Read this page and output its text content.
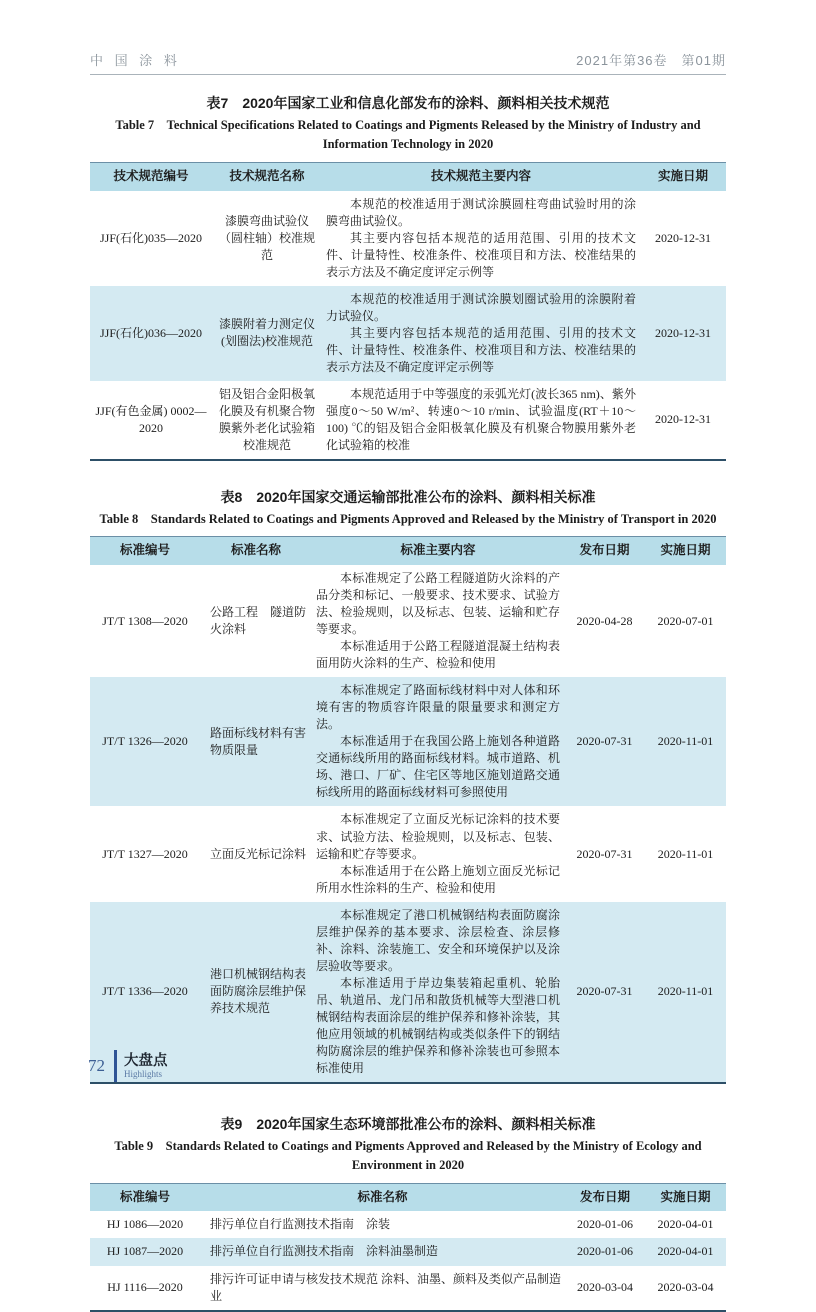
中 国 涂 料	2021年第36卷　第01期
表7　2020年国家工业和信息化部发布的涂料、颜料相关技术规范
Table 7　Technical Specifications Related to Coatings and Pigments Released by the Ministry of Industry and Information Technology in 2020
技术规范编号	技术规范名称	技术规范主要内容	实施日期
JJF(石化)035—2020	漆膜弯曲试验仪（圆柱轴）校准规范	本规范的校准适用于测试涂膜圆柱弯曲试验时用的涂膜弯曲试验仪。

其主要内容包括本规范的适用范围、引用的技术文件、计量特性、校准条件、校准项目和方法、校准结果的表示方法及不确定度评定示例等	2020-12-31
JJF(石化)036—2020	漆膜附着力测定仪(划圈法)校准规范	本规范的校准适用于测试涂膜划圈试验用的涂膜附着力试验仪。

其主要内容包括本规范的适用范围、引用的技术文件、计量特性、校准条件、校准项目和方法、校准结果的表示方法及不确定度评定示例等	2020-12-31
JJF(有色金属) 0002—2020	铝及铝合金阳极氧化膜及有机聚合物膜紫外老化试验箱校准规范	本规范适用于中等强度的汞弧光灯(波长365 nm)、紫外强度0～50 W/m²、转速0～10 r/min、试验温度(RT＋10～100) ℃的铝及铝合金阳极氧化膜及有机聚合物膜用紫外老化试验箱的校准	2020-12-31
表8　2020年国家交通运输部批准公布的涂料、颜料相关标准
Table 8　Standards Related to Coatings and Pigments Approved and Released by the Ministry of Transport in 2020
标准编号	标准名称	标准主要内容	发布日期	实施日期
JT/T 1308—2020	公路工程　隧道防火涂料	本标准规定了公路工程隧道防火涂料的产品分类和标记、一般要求、技术要求、试验方法、检验规则，以及标志、包装、运输和贮存等要求。

本标准适用于公路工程隧道混凝土结构表面用防火涂料的生产、检验和使用	2020-04-28	2020-07-01
JT/T 1326—2020	路面标线材料有害物质限量	本标准规定了路面标线材料中对人体和环境有害的物质容许限量的限量要求和测定方法。

本标准适用于在我国公路上施划各种道路交通标线所用的路面标线材料。城市道路、机场、港口、厂矿、住宅区等地区施划道路交通标线所用的路面标线材料可参照使用	2020-07-31	2020-11-01
JT/T 1327—2020	立面反光标记涂料	本标准规定了立面反光标记涂料的技术要求、试验方法、检验规则，以及标志、包装、运输和贮存等要求。

本标准适用于在公路上施划立面反光标记所用水性涂料的生产、检验和使用	2020-07-31	2020-11-01
JT/T 1336—2020	港口机械钢结构表面防腐涂层维护保养技术规范	本标准规定了港口机械钢结构表面防腐涂层维护保养的基本要求、涂层检查、涂层修补、涂料、涂装施工、安全和环境保护以及涂层验收等要求。

本标准适用于岸边集装箱起重机、轮胎吊、轨道吊、龙门吊和散货机械等大型港口机械钢结构表面涂层的维护保养和修补涂装，其他应用领域的机械钢结构或类似条件下的钢结构防腐涂层的维护保养和修补涂装也可参照本标准使用	2020-07-31	2020-11-01
表9　2020年国家生态环境部批准公布的涂料、颜料相关标准
Table 9　Standards Related to Coatings and Pigments Approved and Released by the Ministry of Ecology and Environment in 2020
标准编号	标准名称	发布日期	实施日期
HJ 1086—2020	排污单位自行监测技术指南　涂装	2020-01-06	2020-04-01
HJ 1087—2020	排污单位自行监测技术指南　涂料油墨制造	2020-01-06	2020-04-01
HJ 1116—2020	排污许可证申请与核发技术规范 涂料、油墨、颜料及类似产品制造业	2020-03-04	2020-03-04
72 大盘点
Highlights
